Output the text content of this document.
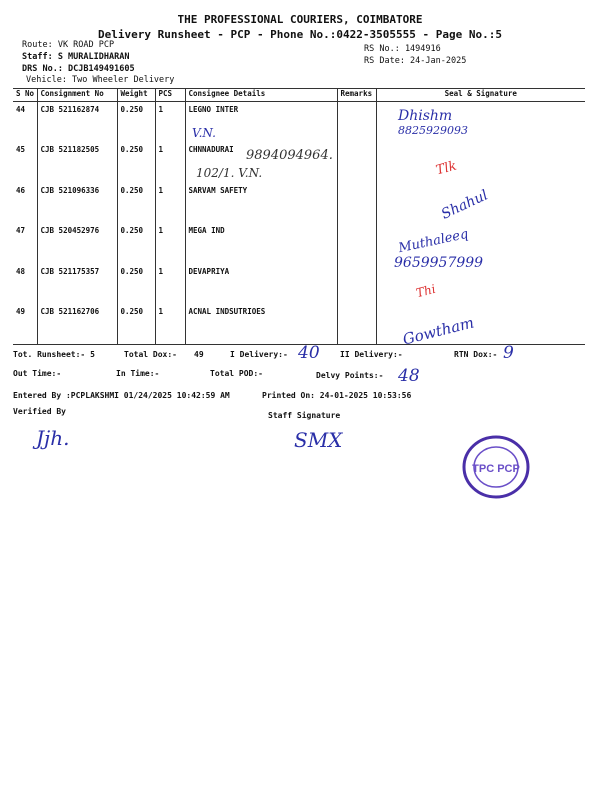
THE PROFESSIONAL COURIERS, COIMBATORE
Delivery Runsheet - PCP - Phone No.:0422-3505555 - Page No.:5
Route: VK ROAD PCP
Staff: S MURALIDHARAN
DRS No.: DCJB149491605
Vehicle: Two Wheeler Delivery
RS No.: 1494916
RS Date: 24-Jan-2025
S No	Consignment No	Weight	PCS	Consignee Details	Remarks	Seal & Signature
44	CJB 521162874	0.250	1	LEGNO INTER		
45	CJB 521182505	0.250	1	CHNNADURAI		
46	CJB 521096336	0.250	1	SARVAM SAFETY		
47	CJB 520452976	0.250	1	MEGA IND		
48	CJB 521175357	0.250	1	DEVAPRIYA		
49	CJB 521162706	0.250	1	ACNAL INDSUTRIOES		
V.N.
Dhishm
8825929093
9894094964.
102/1. V.N.	Tlk
Shahul
Muthaleeq
9659957999
Thi
Gowtham
Tot. Runsheet:- 5	Total Dox:- 49	I Delivery:- 40	II Delivery:-	RTN Dox:- 9
Out Time:-	In Time:-	Total POD:-	Delvy Points:- 48
Entered By :PCPLAKSHMI 01/24/2025 10:42:59 AM	Printed On: 24-01-2025 10:53:56
Verified By	Staff Signature
Jjh.	SMX
TPC PCP
